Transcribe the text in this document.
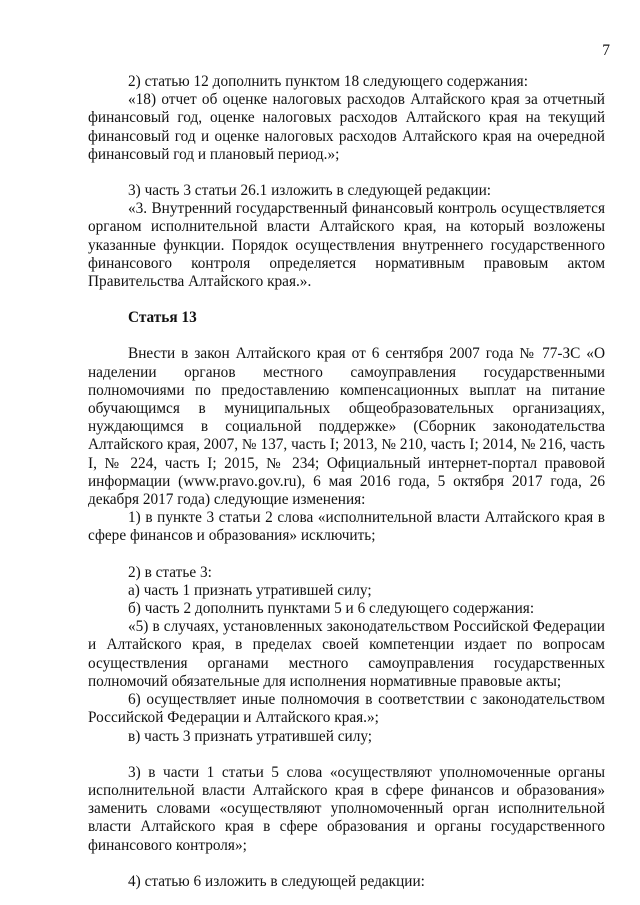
7

2) статью 12 дополнить пунктом 18 следующего содержания:

«18) отчет об оценке налоговых расходов Алтайского края за отчетный финансовый год, оценке налоговых расходов Алтайского края на текущий финансовый год и оценке налоговых расходов Алтайского края на очередной финансовый год и плановый период.»;

3) часть 3 статьи 26.1 изложить в следующей редакции:

«3. Внутренний государственный финансовый контроль осуществляется органом исполнительной власти Алтайского края, на который возложены указанные функции. Порядок осуществления внутреннего государственного финансового контроля определяется нормативным правовым актом Правительства Алтайского края.».

Статья 13

Внести в закон Алтайского края от 6 сентября 2007 года № 77-ЗС «О наделении органов местного самоуправления государственными полномочиями по предоставлению компенсационных выплат на питание обучающимся в муниципальных общеобразовательных организациях, нуждающимся в социальной поддержке» (Сборник законодательства Алтайского края, 2007, № 137, часть I; 2013, № 210, часть I; 2014, № 216, часть I, № 224, часть I; 2015, № 234; Официальный интернет-портал правовой информации (www.pravo.gov.ru), 6 мая 2016 года, 5 октября 2017 года, 26 декабря 2017 года) следующие изменения:

1) в пункте 3 статьи 2 слова «исполнительной власти Алтайского края в сфере финансов и образования» исключить;

2) в статье 3:

а) часть 1 признать утратившей силу;

б) часть 2 дополнить пунктами 5 и 6 следующего содержания:

«5) в случаях, установленных законодательством Российской Федерации и Алтайского края, в пределах своей компетенции издает по вопросам осуществления органами местного самоуправления государственных полномочий обязательные для исполнения нормативные правовые акты;

6) осуществляет иные полномочия в соответствии с законодательством Российской Федерации и Алтайского края.»;

в) часть 3 признать утратившей силу;

3) в части 1 статьи 5 слова «осуществляют уполномоченные органы исполнительной власти Алтайского края в сфере финансов и образования» заменить словами «осуществляют уполномоченный орган исполнительной власти Алтайского края в сфере образования и органы государственного финансового контроля»;

4) статью 6 изложить в следующей редакции:
